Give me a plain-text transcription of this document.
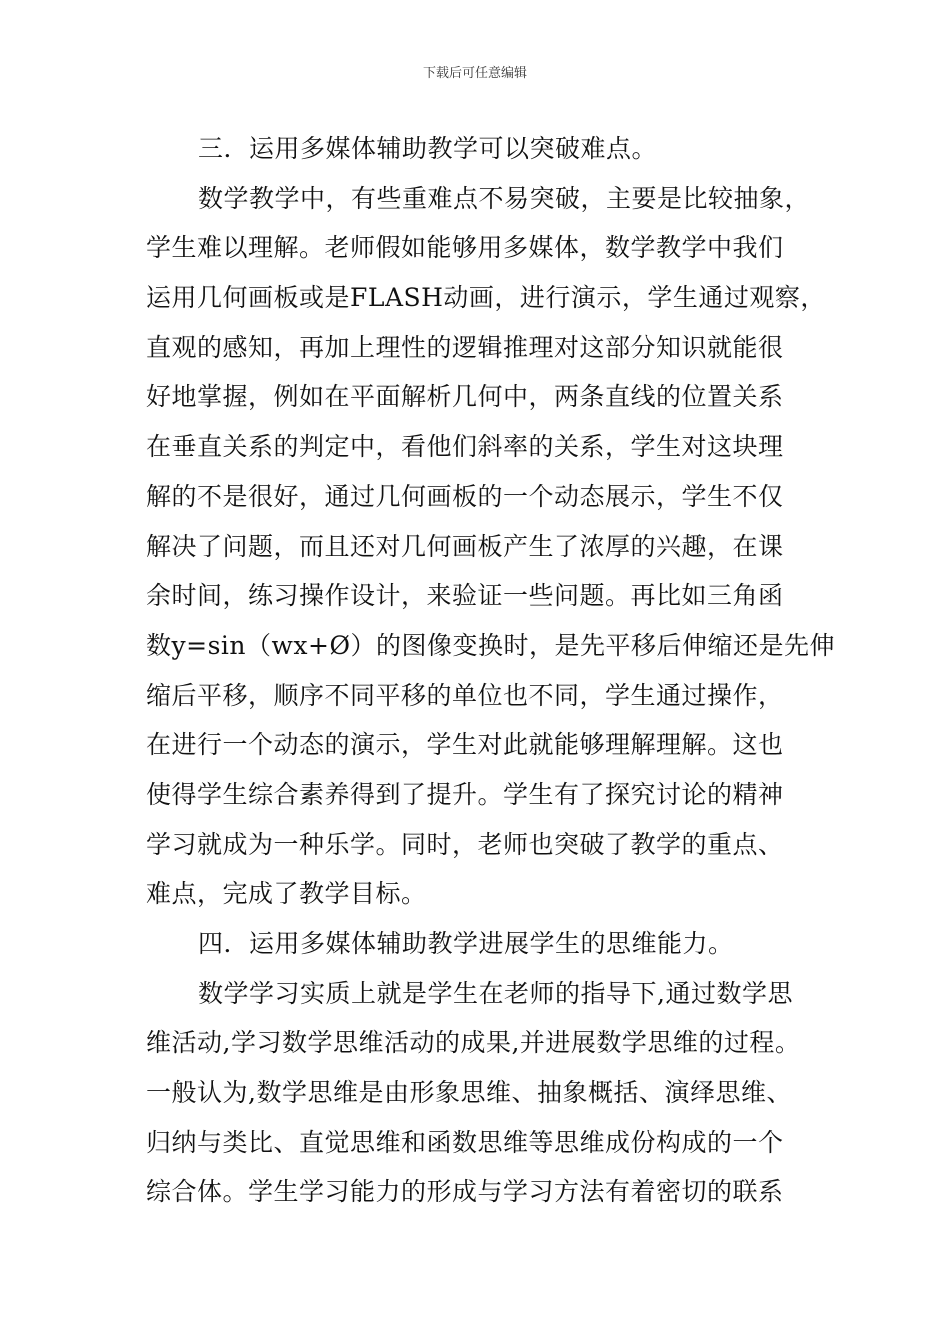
下载后可任意编辑
三．运用多媒体辅助教学可以突破难点。
数学教学中，有些重难点不易突破，主要是比较抽象，
学生难以理解。老师假如能够用多媒体，数学教学中我们
运用几何画板或是FLASH动画，进行演示，学生通过观察，
直观的感知，再加上理性的逻辑推理对这部分知识就能很
好地掌握，例如在平面解析几何中，两条直线的位置关系
在垂直关系的判定中，看他们斜率的关系，学生对这块理
解的不是很好，通过几何画板的一个动态展示，学生不仅
解决了问题，而且还对几何画板产生了浓厚的兴趣，在课
余时间，练习操作设计，来验证一些问题。再比如三角函
数y=sin（wx+Ø）的图像变换时，是先平移后伸缩还是先伸
缩后平移，顺序不同平移的单位也不同，学生通过操作，
在进行一个动态的演示，学生对此就能够理解理解。这也
使得学生综合素养得到了提升。学生有了探究讨论的精神
学习就成为一种乐学。同时，老师也突破了教学的重点、
难点，完成了教学目标。
四．运用多媒体辅助教学进展学生的思维能力。
数学学习实质上就是学生在老师的指导下,通过数学思
维活动,学习数学思维活动的成果,并进展数学思维的过程。
一般认为,数学思维是由形象思维、抽象概括、演绎思维、
归纳与类比、直觉思维和函数思维等思维成份构成的一个
综合体。学生学习能力的形成与学习方法有着密切的联系
